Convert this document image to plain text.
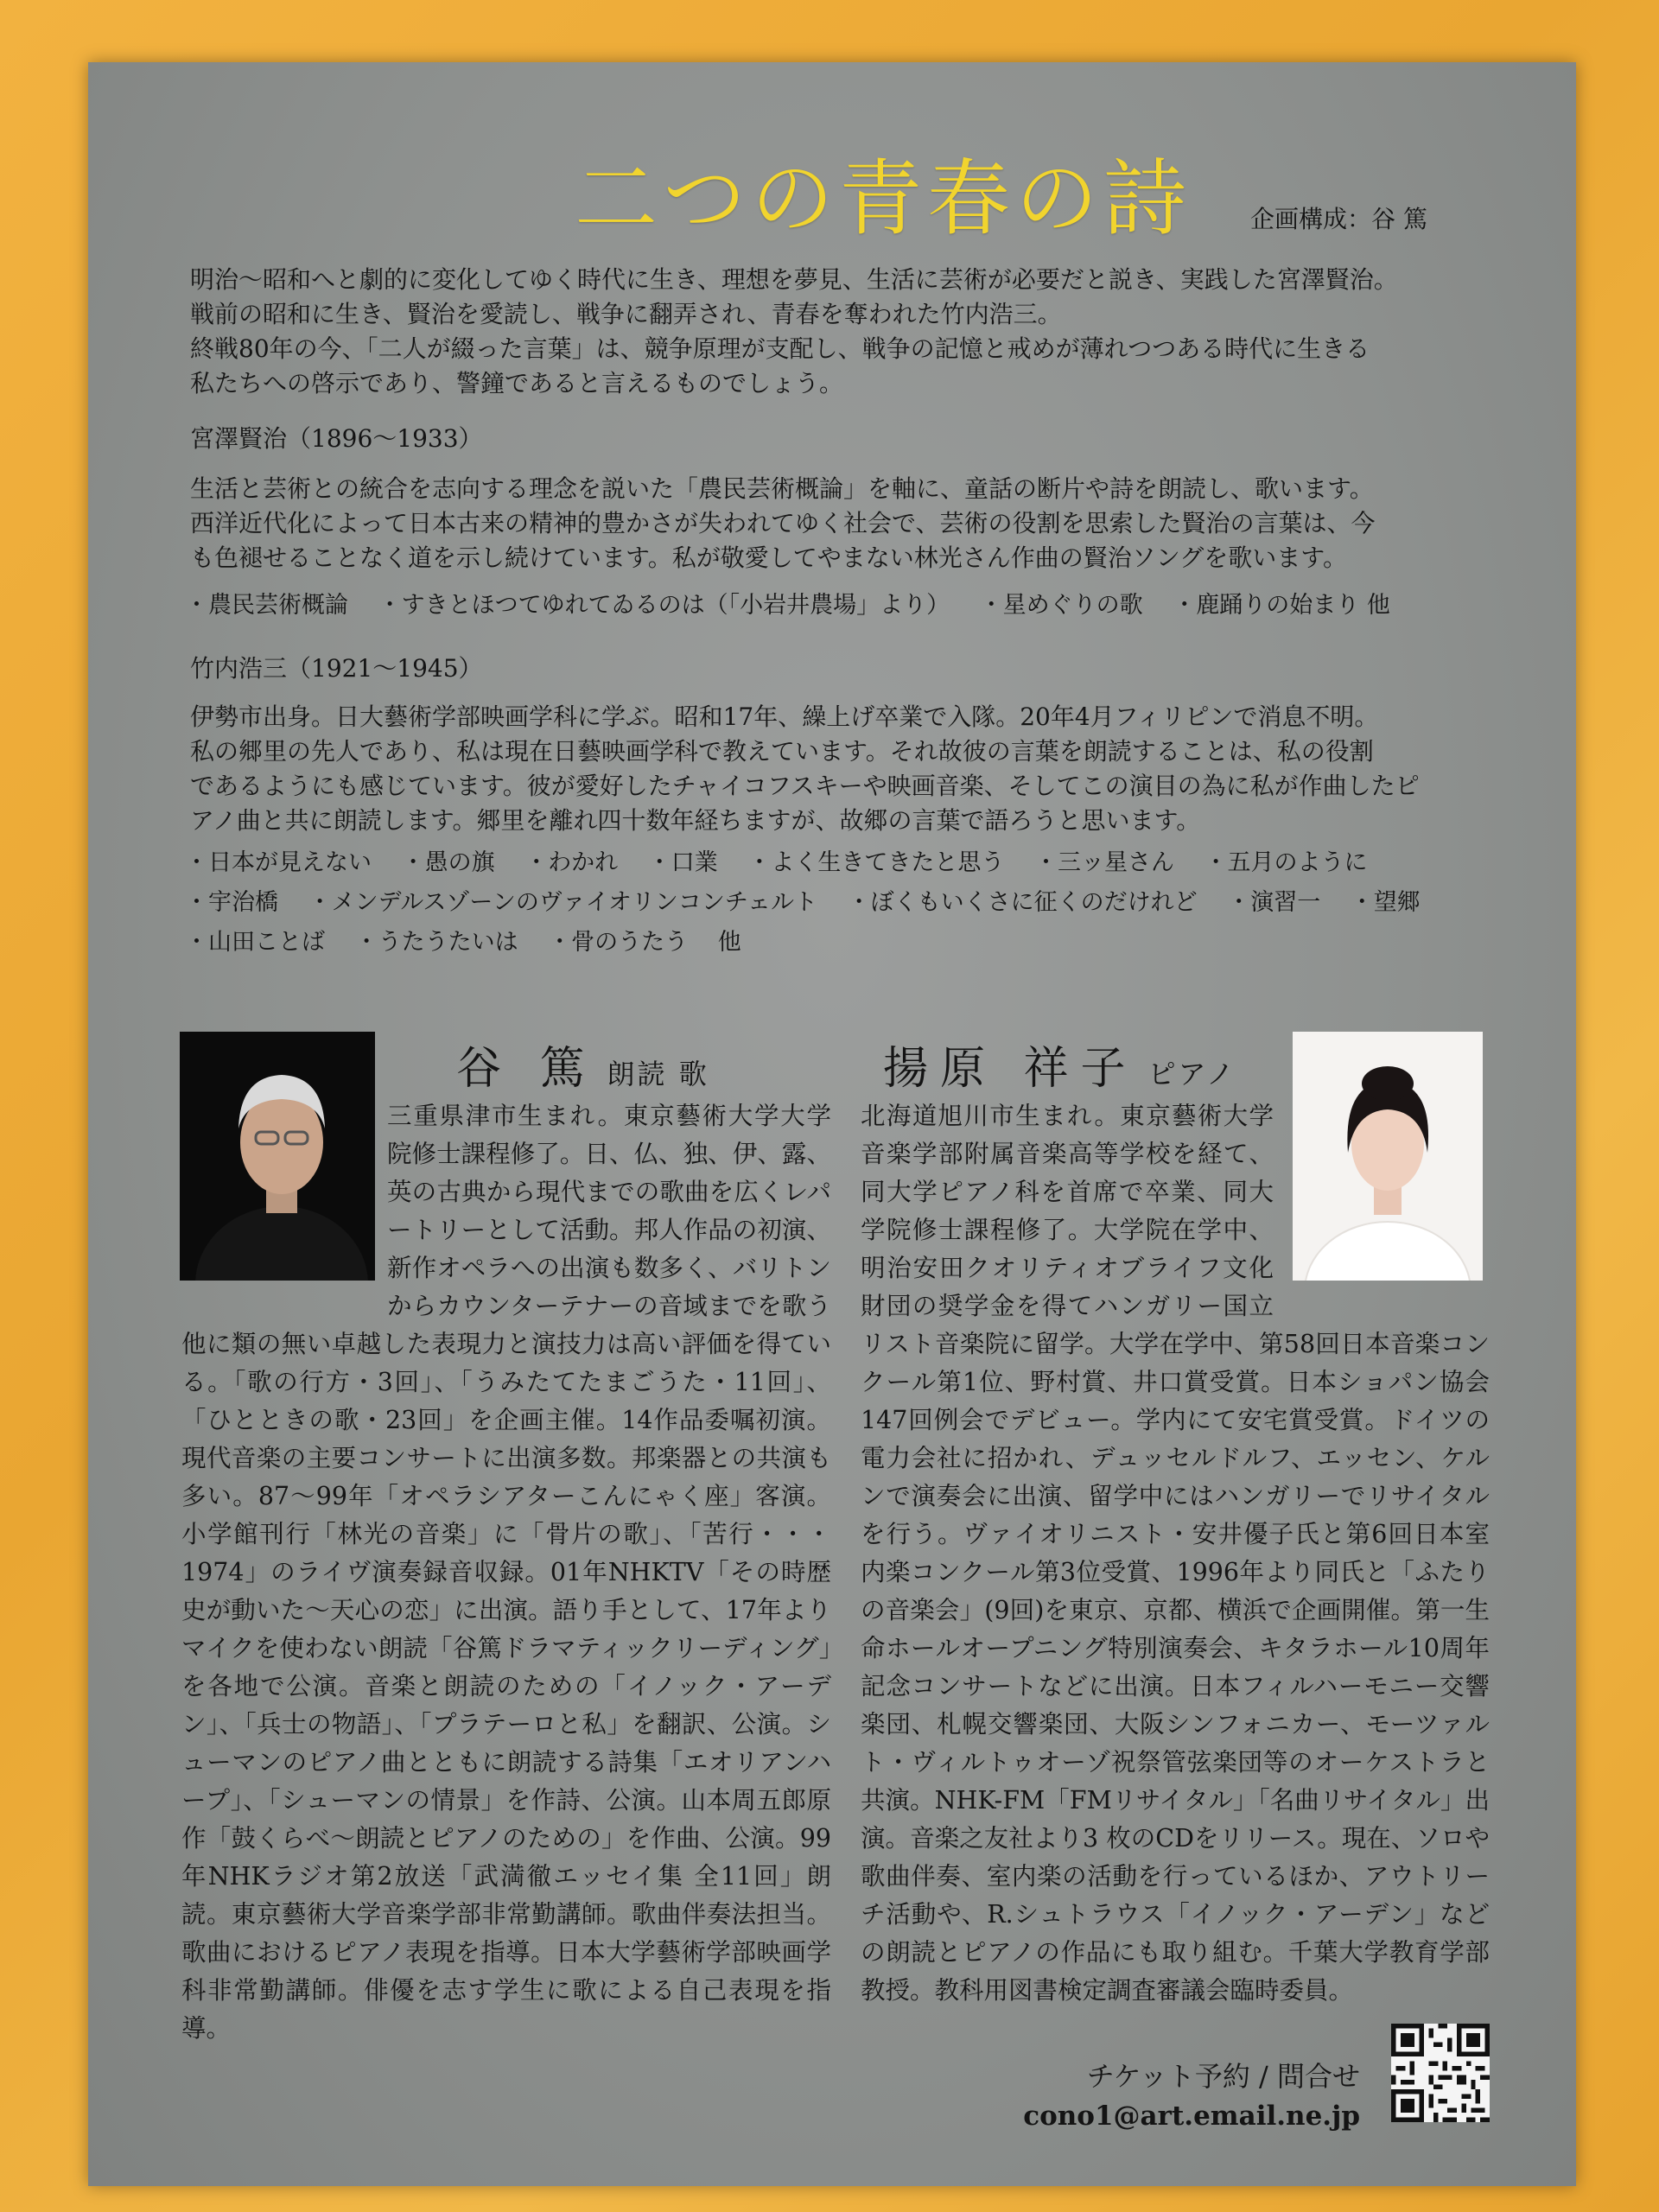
二つの青春の詩	企画構成：谷 篤

明治〜昭和へと劇的に変化してゆく時代に生き、理想を夢見、生活に芸術が必要だと説き、実践した宮澤賢治。

戦前の昭和に生き、賢治を愛読し、戦争に翻弄され、青春を奪われた竹内浩三。

終戦80年の今、「二人が綴った言葉」は、競争原理が支配し、戦争の記憶と戒めが薄れつつある時代に生きる

私たちへの啓示であり、警鐘であると言えるものでしょう。

宮澤賢治（1896〜1933）

生活と芸術との統合を志向する理念を説いた「農民芸術概論」を軸に、童話の断片や詩を朗読し、歌います。

西洋近代化によって日本古来の精神的豊かさが失われてゆく社会で、芸術の役割を思索した賢治の言葉は、今

も色褪せることなく道を示し続けています。私が敬愛してやまない林光さん作曲の賢治ソングを歌います。

・農民芸術概論 ・すきとほつてゆれてゐるのは（「小岩井農場」より） ・星めぐりの歌 ・鹿踊りの始まり 他
竹内浩三（1921〜1945）

伊勢市出身。日大藝術学部映画学科に学ぶ。昭和17年、繰上げ卒業で入隊。20年4月フィリピンで消息不明。

私の郷里の先人であり、私は現在日藝映画学科で教えています。それ故彼の言葉を朗読することは、私の役割

であるようにも感じています。彼が愛好したチャイコフスキーや映画音楽、そしてこの演目の為に私が作曲したピ

アノ曲と共に朗読します。郷里を離れ四十数年経ちますが、故郷の言葉で語ろうと思います。

・日本が見えない ・愚の旗 ・わかれ ・口業 ・よく生きてきたと思う ・三ッ星さん ・五月のように
・宇治橋 ・メンデルスゾーンのヴァイオリンコンチェルト ・ぼくもいくさに征くのだけれど ・演習一 ・望郷
・山田ことば ・うたうたいは ・骨のうたう 他
谷 篤 朗読 歌
三重県津市生まれ。東京藝術大学大学院修士課程修了。日、仏、独、伊、露、英の古典から現代までの歌曲を広くレパートリーとして活動。邦人作品の初演、新作オペラへの出演も数多く、バリトンからカウンターテナーの音域までを歌う他に類の無い卓越した表現力と演技力は高い評価を得ている。「歌の行方・3回」、「うみたてたまごうた・11回」、「ひとときの歌・23回」を企画主催。14作品委嘱初演。現代音楽の主要コンサートに出演多数。邦楽器との共演も多い。87〜99年「オペラシアターこんにゃく座」客演。小学館刊行「林光の音楽」に「骨片の歌」、「苦行・・・1974」のライヴ演奏録音収録。01年NHKTV「その時歴史が動いた〜天心の恋」に出演。語り手として、17年よりマイクを使わない朗読「谷篤ドラマティックリーディング」を各地で公演。音楽と朗読のための「イノック・アーデン」、「兵士の物語」、「プラテーロと私」を翻訳、公演。シューマンのピアノ曲とともに朗読する詩集「エオリアンハープ」、「シューマンの情景」を作詩、公演。山本周五郎原作「鼓くらべ〜朗読とピアノのための」を作曲、公演。99年NHKラジオ第2放送「武満徹エッセイ集 全11回」朗読。東京藝術大学音楽学部非常勤講師。歌曲伴奏法担当。歌曲におけるピアノ表現を指導。日本大学藝術学部映画学科非常勤講師。俳優を志す学生に歌による自己表現を指導。
揚原 祥子 ピアノ
北海道旭川市生まれ。東京藝術大学音楽学部附属音楽高等学校を経て、同大学ピアノ科を首席で卒業、同大学院修士課程修了。大学院在学中、明治安田クオリティオブライフ文化財団の奨学金を得てハンガリー国立リスト音楽院に留学。大学在学中、第58回日本音楽コンクール第1位、野村賞、井口賞受賞。日本ショパン協会147回例会でデビュー。学内にて安宅賞受賞。ドイツの電力会社に招かれ、デュッセルドルフ、エッセン、ケルンで演奏会に出演、留学中にはハンガリーでリサイタルを行う。ヴァイオリニスト・安井優子氏と第6回日本室内楽コンクール第3位受賞、1996年より同氏と「ふたりの音楽会」(9回)を東京、京都、横浜で企画開催。第一生命ホールオープニング特別演奏会、キタラホール10周年記念コンサートなどに出演。日本フィルハーモニー交響楽団、札幌交響楽団、大阪シンフォニカー、モーツァルト・ヴィルトゥオーゾ祝祭管弦楽団等のオーケストラと共演。NHK-FM「FMリサイタル」「名曲リサイタル」出演。音楽之友社より3 枚のCDをリリース。現在、ソロや歌曲伴奏、室内楽の活動を行っているほか、アウトリーチ活動や、R.シュトラウス「イノック・アーデン」などの朗読とピアノの作品にも取り組む。千葉大学教育学部教授。教科用図書検定調査審議会臨時委員。
チケット予約 / 問合せ
cono1@art.email.ne.jp
